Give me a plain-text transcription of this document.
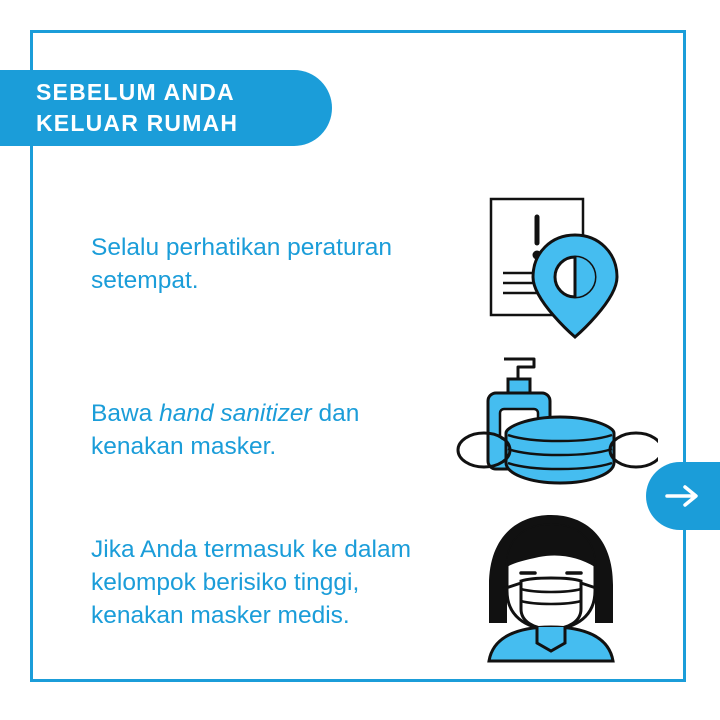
Selalu perhatikan peraturan setempat.
Bawa hand sanitizer dan kenakan masker.
Jika Anda termasuk ke dalam kelompok berisiko tinggi, kenakan masker medis.
SEBELUM ANDA
KELUAR RUMAH
